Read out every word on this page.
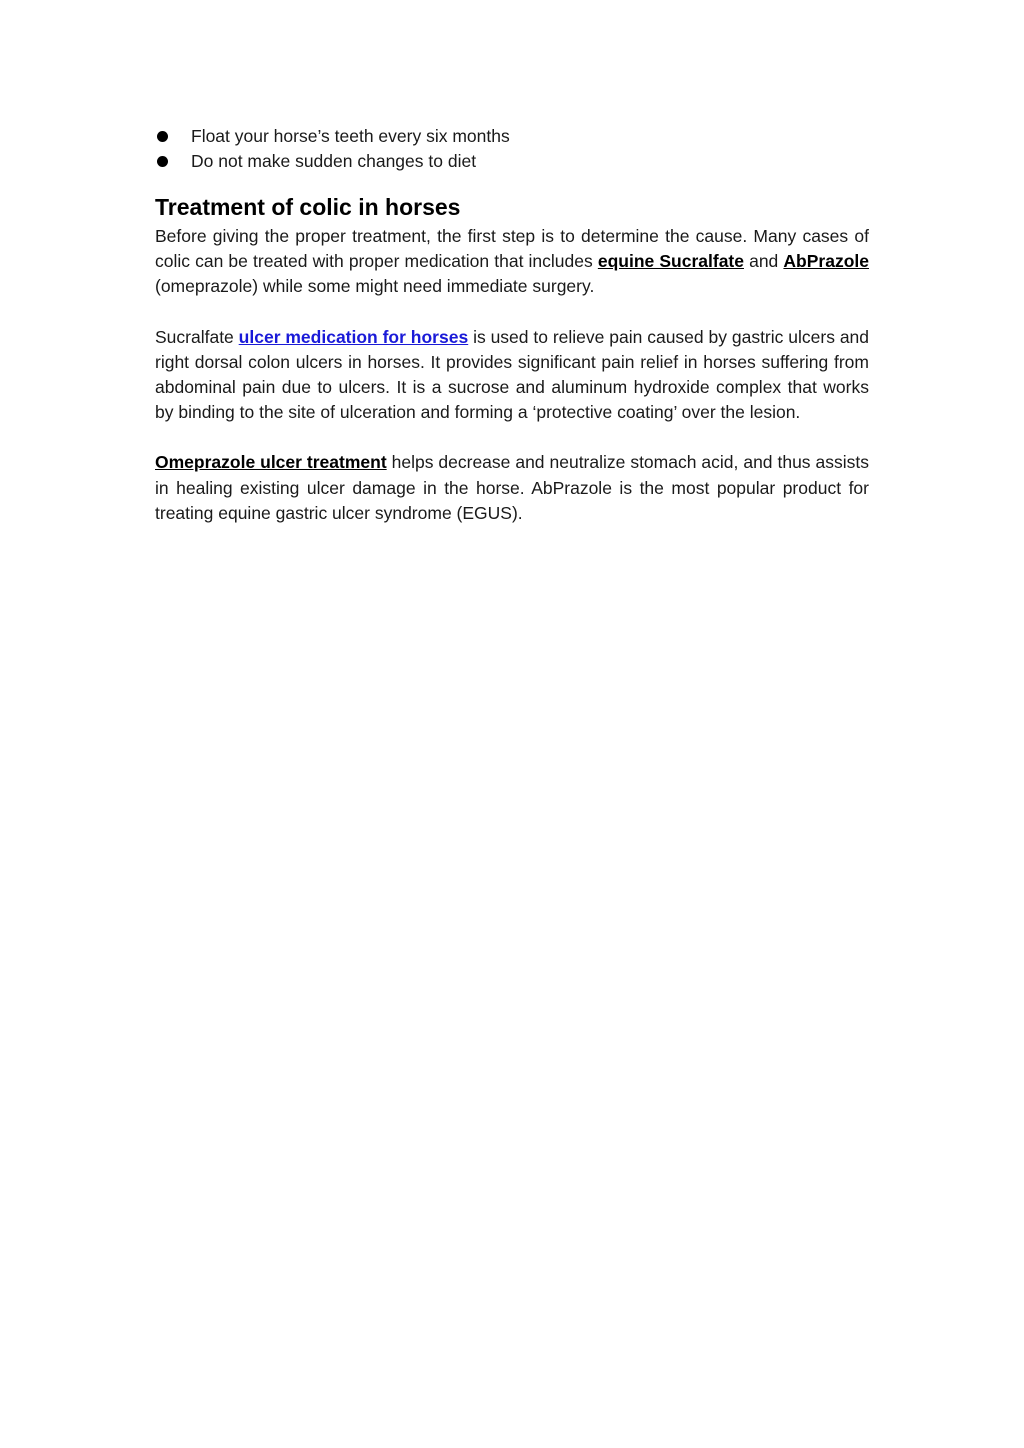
Float your horse’s teeth every six months
Do not make sudden changes to diet
Treatment of colic in horses

Before giving the proper treatment, the first step is to determine the cause. Many cases of colic can be treated with proper medication that includes equine Sucralfate and AbPrazole (omeprazole) while some might need immediate surgery.

Sucralfate ulcer medication for horses is used to relieve pain caused by gastric ulcers and right dorsal colon ulcers in horses. It provides significant pain relief in horses suffering from abdominal pain due to ulcers. It is a sucrose and aluminum hydroxide complex that works by binding to the site of ulceration and forming a ‘protective coating’ over the lesion.

Omeprazole ulcer treatment helps decrease and neutralize stomach acid, and thus assists in healing existing ulcer damage in the horse. AbPrazole is the most popular product for treating equine gastric ulcer syndrome (EGUS).
